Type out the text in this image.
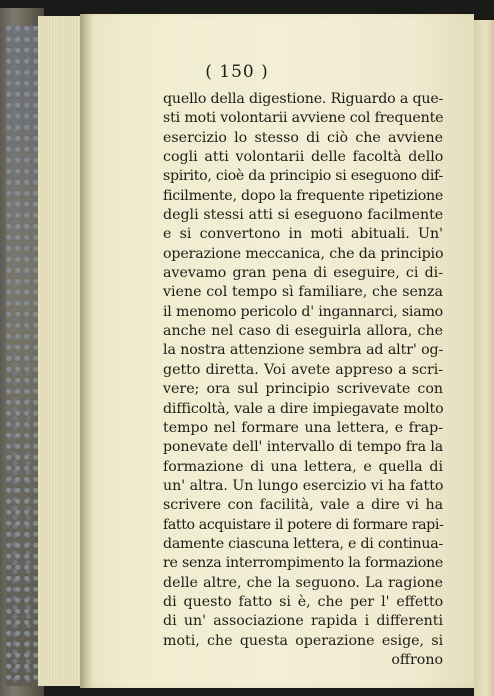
( 150 )
quello della digestione. Riguardo a que-
sti moti volontarii avviene col frequente
esercizio lo stesso di ciò che avviene
cogli atti volontarii delle facoltà dello
spirito, cioè da principio si eseguono dif-
ficilmente, dopo la frequente ripetizione
degli stessi atti si eseguono facilmente
e si convertono in moti abituali. Un'
operazione meccanica, che da principio
avevamo gran pena di eseguire, ci di-
viene col tempo sì familiare, che senza
il menomo pericolo d' ingannarci, siamo
anche nel caso di eseguirla allora, che
la nostra attenzione sembra ad altr' og-
getto diretta. Voi avete appreso a scri-
vere; ora sul principio scrivevate con
difficoltà, vale a dire impiegavate molto
tempo nel formare una lettera, e frap-
ponevate dell' intervallo di tempo fra la
formazione di una lettera, e quella di
un' altra. Un lungo esercizio vi ha fatto
scrivere con facilità, vale a dire vi ha
fatto acquistare il potere di formare rapi-
damente ciascuna lettera, e di continua-
re senza interrompimento la formazione
delle altre, che la seguono. La ragione
di questo fatto si è, che per l' effetto
di un' associazione rapida i differenti
moti, che questa operazione esige, si
offrono
